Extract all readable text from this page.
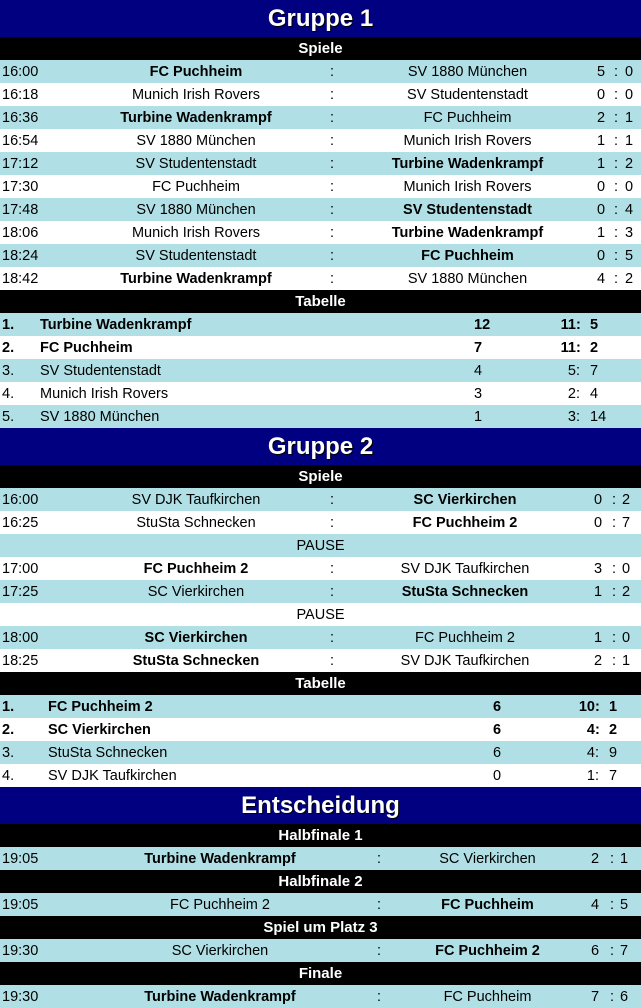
Gruppe 1
Spiele
16:00	FC Puchheim	:	SV 1880 München	5 : 0
16:18	Munich Irish Rovers	:	SV Studentenstadt	0 : 0
16:36	Turbine Wadenkrampf	:	FC Puchheim	2 : 1
16:54	SV 1880 München	:	Munich Irish Rovers	1 : 1
17:12	SV Studentenstadt	:	Turbine Wadenkrampf	1 : 2
17:30	FC Puchheim	:	Munich Irish Rovers	0 : 0
17:48	SV 1880 München	:	SV Studentenstadt	0 : 4
18:06	Munich Irish Rovers	:	Turbine Wadenkrampf	1 : 3
18:24	SV Studentenstadt	:	FC Puchheim	0 : 5
18:42	Turbine Wadenkrampf	:	SV 1880 München	4 : 2
Tabelle
1. Turbine Wadenkrampf	12	11 : 5
2. FC Puchheim	7	11 : 2
3. SV Studentenstadt	4	5 : 7
4. Munich Irish Rovers	3	2 : 4
5. SV 1880 München	1	3 : 14
Gruppe 2
Spiele
16:00	SV DJK Taufkirchen	:	SC Vierkirchen	0 : 2
16:25	StuSta Schnecken	:	FC Puchheim 2	0 : 7
PAUSE
17:00	FC Puchheim 2	:	SV DJK Taufkirchen	3 : 0
17:25	SC Vierkirchen	:	StuSta Schnecken	1 : 2
PAUSE
18:00	SC Vierkirchen	:	FC Puchheim 2	1 : 0
18:25	StuSta Schnecken	:	SV DJK Taufkirchen	2 : 1
Tabelle
1. FC Puchheim 2	6	10 : 1
2. SC Vierkirchen	6	4 : 2
3. StuSta Schnecken	6	4 : 9
4. SV DJK Taufkirchen	0	1 : 7
Entscheidung
Halbfinale 1
19:05	Turbine Wadenkrampf	:	SC Vierkirchen	2 : 1
Halbfinale 2
19:05	FC Puchheim 2	:	FC Puchheim	4 : 5
Spiel um Platz 3
19:30	SC Vierkirchen	:	FC Puchheim 2	6 : 7
Finale
19:30	Turbine Wadenkrampf	:	FC Puchheim	7 : 6
